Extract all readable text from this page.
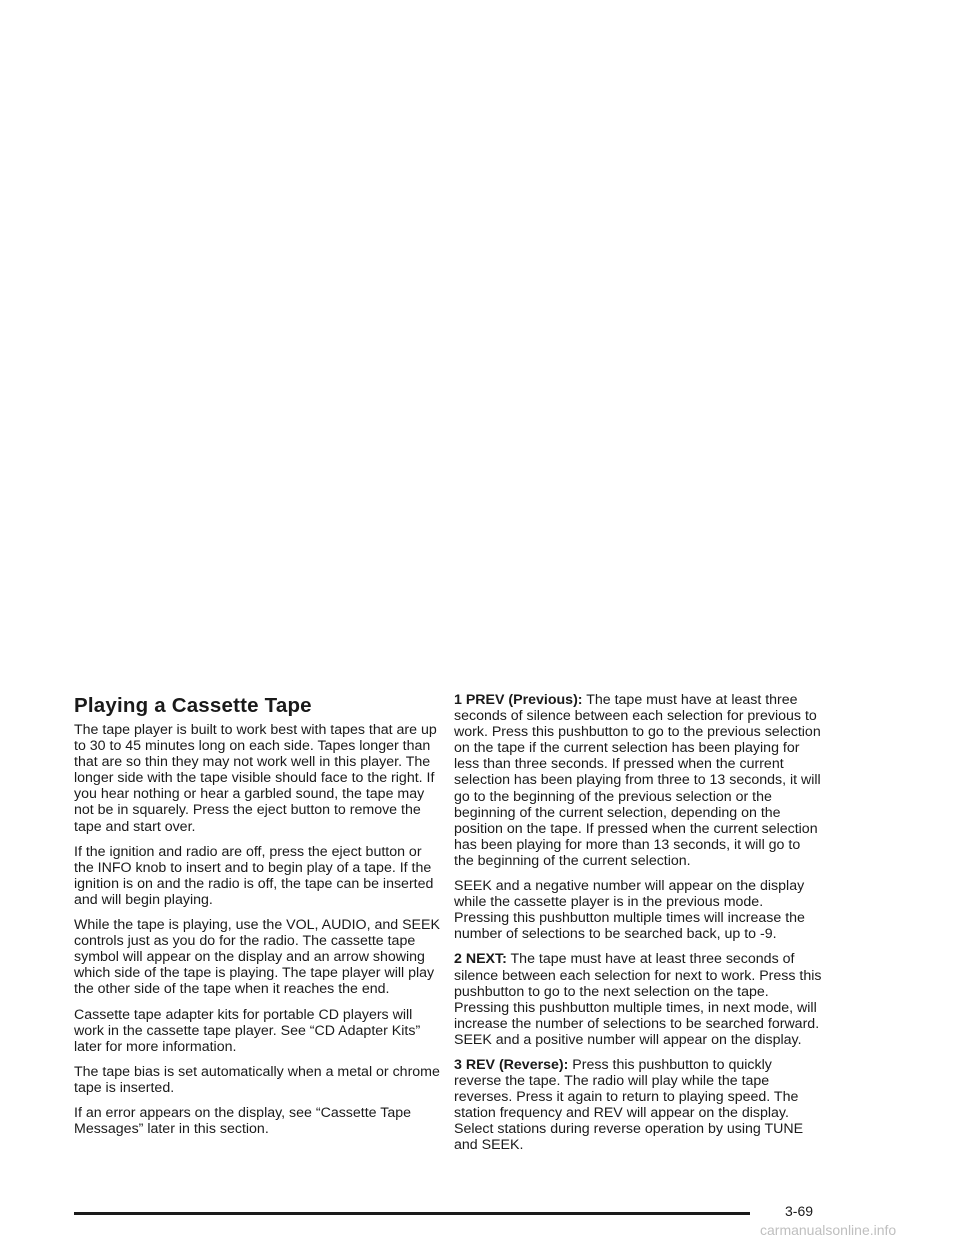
Playing a Cassette Tape

The tape player is built to work best with tapes that are up to 30 to 45 minutes long on each side. Tapes longer than that are so thin they may not work well in this player. The longer side with the tape visible should face to the right. If you hear nothing or hear a garbled sound, the tape may not be in squarely. Press the eject button to remove the tape and start over.

If the ignition and radio are off, press the eject button or the INFO knob to insert and to begin play of a tape. If the ignition is on and the radio is off, the tape can be inserted and will begin playing.

While the tape is playing, use the VOL, AUDIO, and SEEK controls just as you do for the radio. The cassette tape symbol will appear on the display and an arrow showing which side of the tape is playing. The tape player will play the other side of the tape when it reaches the end.

Cassette tape adapter kits for portable CD players will work in the cassette tape player. See “CD Adapter Kits” later for more information.

The tape bias is set automatically when a metal or chrome tape is inserted.

If an error appears on the display, see “Cassette Tape Messages” later in this section.

1 PREV (Previous): The tape must have at least three seconds of silence between each selection for previous to work. Press this pushbutton to go to the previous selection on the tape if the current selection has been playing for less than three seconds. If pressed when the current selection has been playing from three to 13 seconds, it will go to the beginning of the previous selection or the beginning of the current selection, depending on the position on the tape. If pressed when the current selection has been playing for more than 13 seconds, it will go to the beginning of the current selection.

SEEK and a negative number will appear on the display while the cassette player is in the previous mode. Pressing this pushbutton multiple times will increase the number of selections to be searched back, up to -9.

2 NEXT: The tape must have at least three seconds of silence between each selection for next to work. Press this pushbutton to go to the next selection on the tape. Pressing this pushbutton multiple times, in next mode, will increase the number of selections to be searched forward. SEEK and a positive number will appear on the display.

3 REV (Reverse): Press this pushbutton to quickly reverse the tape. The radio will play while the tape reverses. Press it again to return to playing speed. The station frequency and REV will appear on the display. Select stations during reverse operation by using TUNE and SEEK.

3-69
carmanualsonline.info
